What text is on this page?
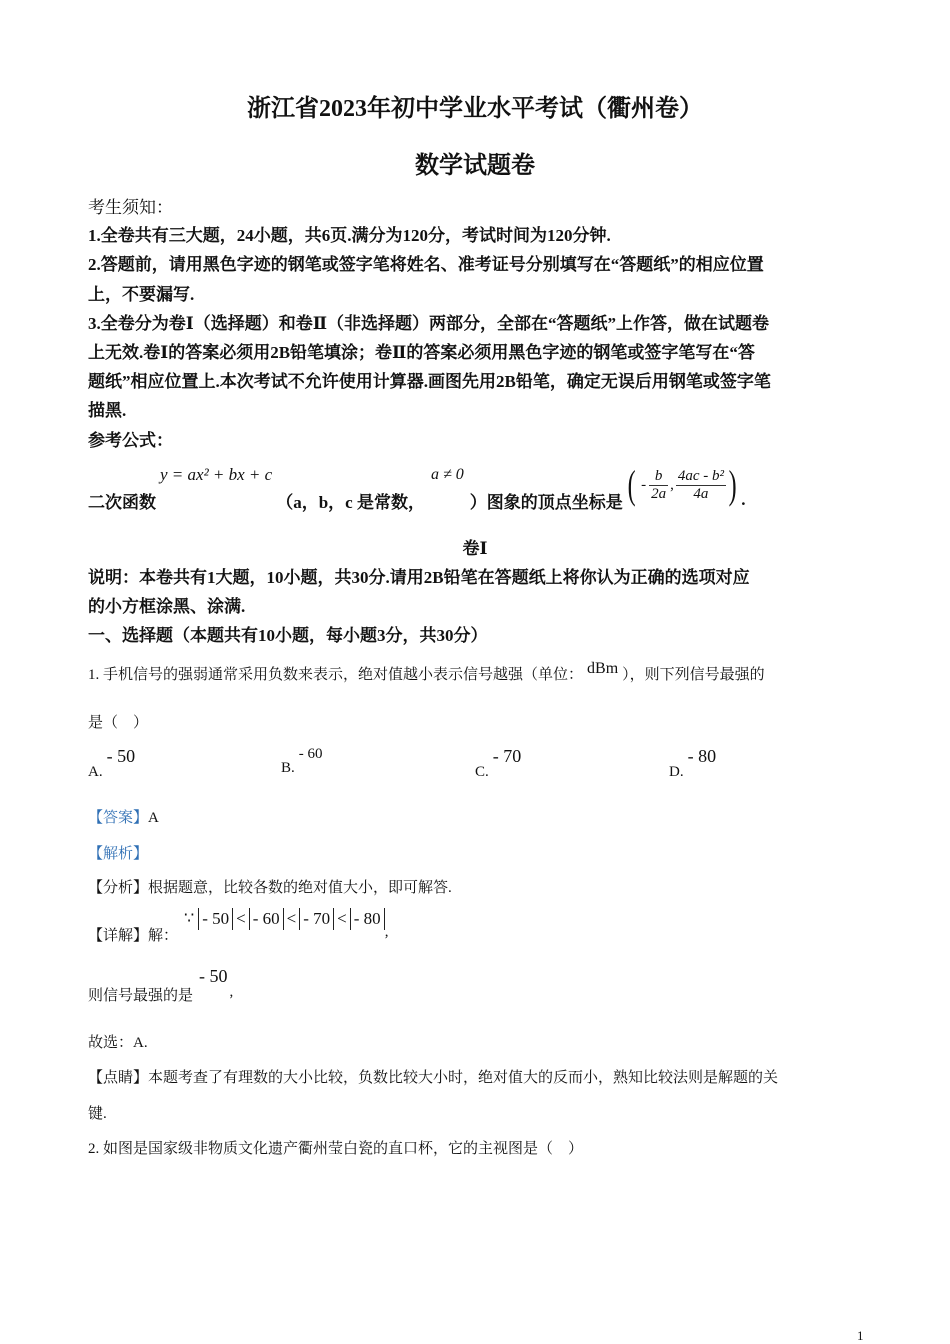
浙江省2023年初中学业水平考试（衢州卷）
数学试题卷
考生须知：
1.全卷共有三大题，24小题，共6页.满分为120分，考试时间为120分钟.
2.答题前，请用黑色字迹的钢笔或签字笔将姓名、准考证号分别填写在“答题纸”的相应位置
上，不要漏写.
3.全卷分为卷Ⅰ（选择题）和卷Ⅱ（非选择题）两部分，全部在“答题纸”上作答，做在试题卷
上无效.卷Ⅰ的答案必须用2B铅笔填涂；卷Ⅱ的答案必须用黑色字迹的钢笔或签字笔写在“答
题纸”相应位置上.本次考试不允许使用计算器.画图先用2B铅笔，确定无误后用钢笔或签字笔
描黑.
参考公式：
二次函数
y = ax² + bx + c
（a，b，c 是常数，
a ≠ 0
）图象的顶点坐标是 ( - $\frac{b}{2a}$ , $\frac{\text{4ac - b²}}{4a}$ ) .
卷Ⅰ
说明：本卷共有1大题，10小题，共30分.请用2B铅笔在答题纸上将你认为正确的选项对应
的小方框涂黑、涂满.
一、选择题（本题共有10小题，每小题3分，共30分）
1. 手机信号的强弱通常采用负数来表示，绝对值越小表示信号越强（单位： dBm ），则下列信号最强的
是（　）
A.- 50
B.- 60
C.- 70
D.- 80
【答案】A
【解析】
【分析】根据题意，比较各数的绝对值大小，即可解答.
【详解】 解：
∵ - 50 < - 60 < - 70 < - 80
,
则信号最强的是
- 50
,
故选：A.
【点睛】本题考查了有理数的大小比较，负数比较大小时，绝对值大的反而小，熟知比较法则是解题的关
键.
2. 如图是国家级非物质文化遗产衢州莹白瓷的直口杯，它的主视图是（　）
1
